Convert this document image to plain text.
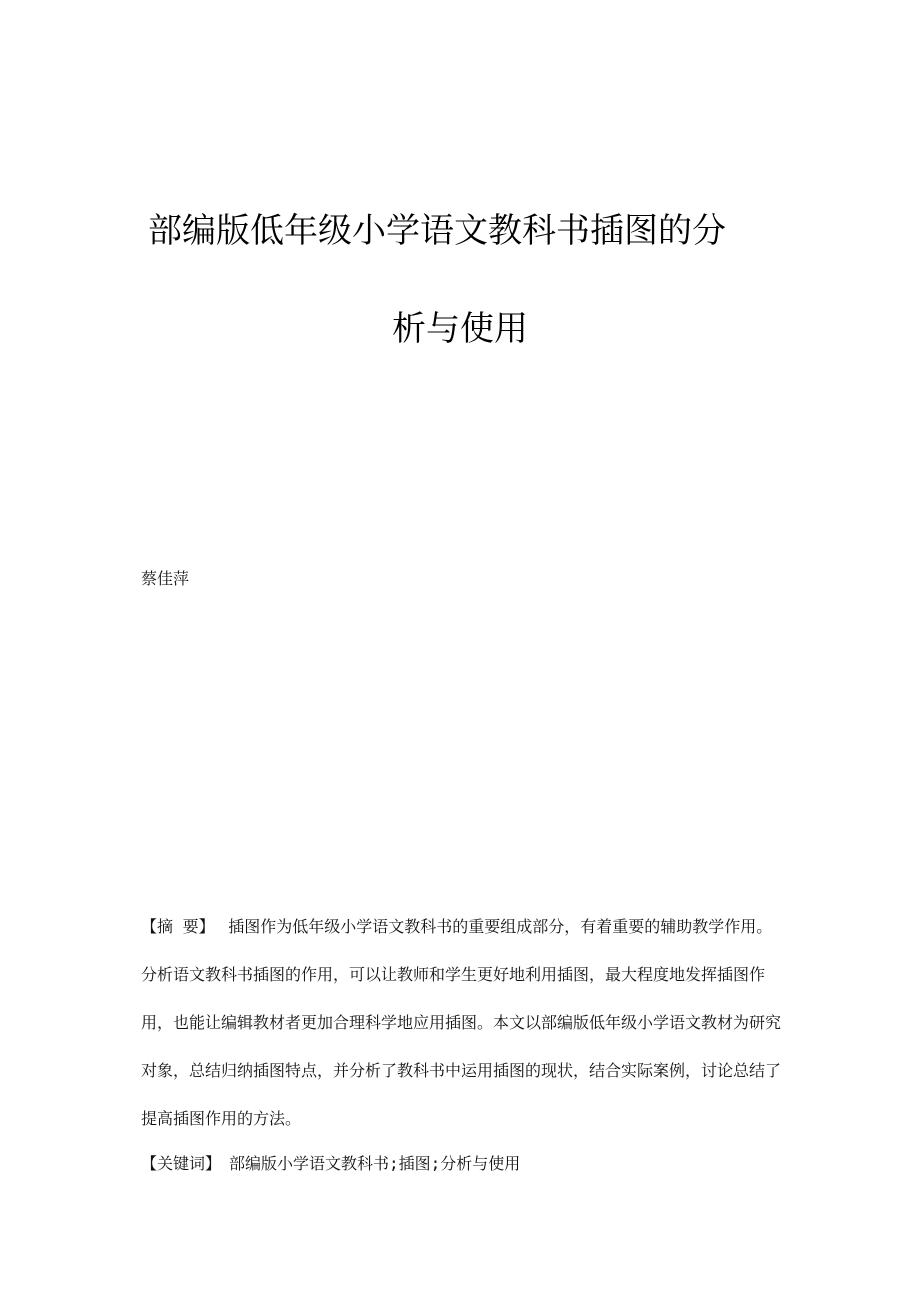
部编版低年级小学语文教科书插图的分
析与使用
蔡佳萍

【摘 要】 插图作为低年级小学语文教科书的重要组成部分，有着重要的辅助教学作用。分析语文教科书插图的作用，可以让教师和学生更好地利用插图，最大程度地发挥插图作用，也能让编辑教材者更加合理科学地应用插图。本文以部编版低年级小学语文教材为研究对象，总结归纳插图特点，并分析了教科书中运用插图的现状，结合实际案例，讨论总结了提高插图作用的方法。

【关键词】 部编版小学语文教科书;插图;分析与使用
